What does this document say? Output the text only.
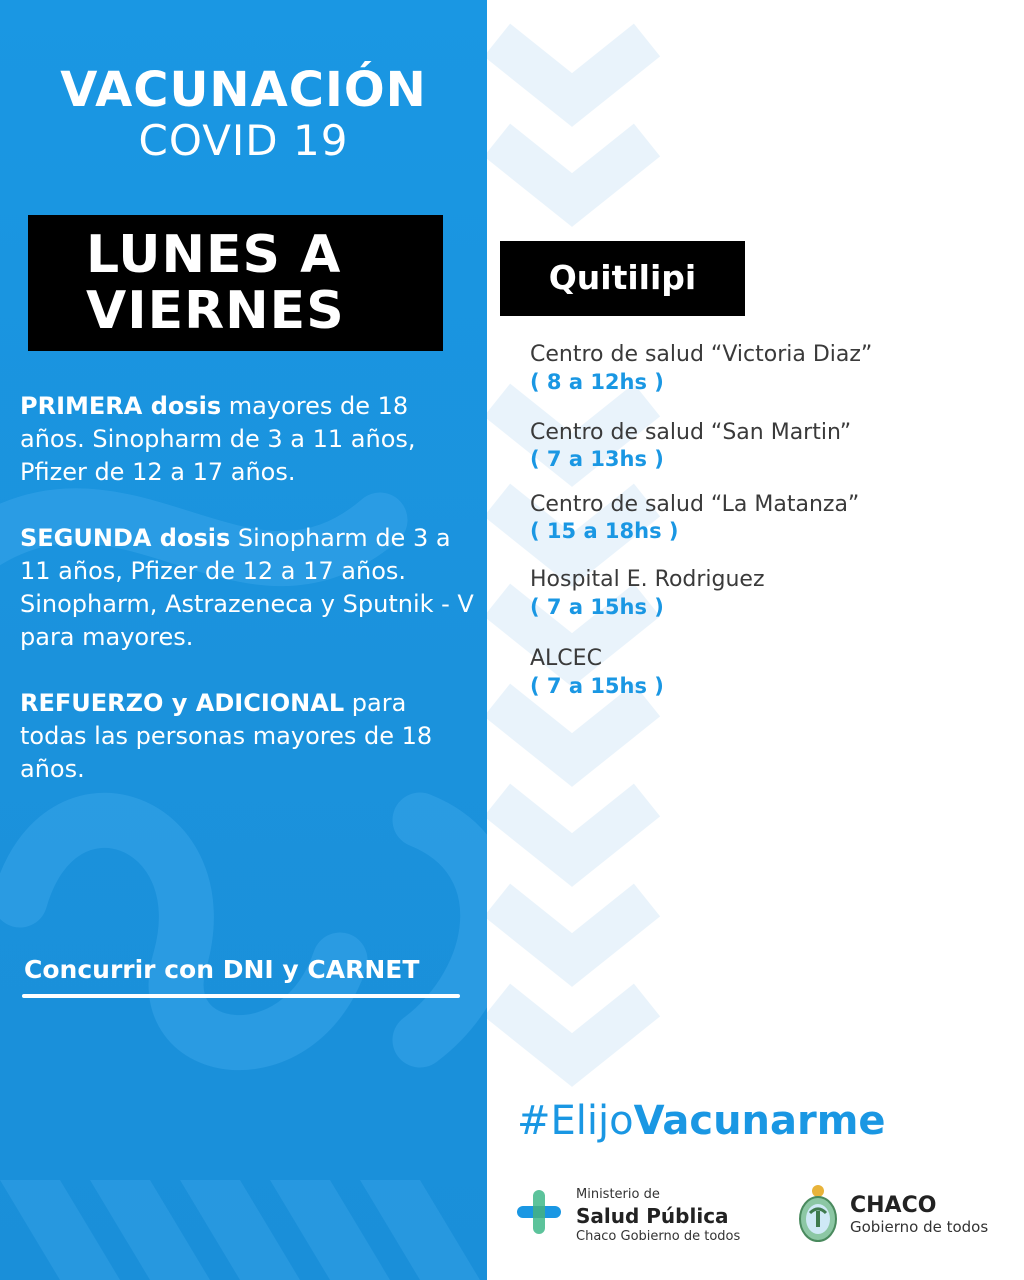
VACUNACIÓN
COVID 19
LUNES A
VIERNES
PRIMERA dosis mayores de 18 años. Sinopharm de 3 a 11 años, Pfizer de 12 a 17 años.
SEGUNDA dosis Sinopharm de 3 a 11 años, Pfizer de 12 a 17 años. Sinopharm, Astrazeneca y Sputnik - V para mayores.
REFUERZO y ADICIONAL para todas las personas mayores de 18 años.
Concurrir con DNI y CARNET
Quitilipi
Centro de salud “Victoria Diaz”
( 8 a 12hs )
Centro de salud “San Martin”
( 7 a 13hs )
Centro de salud “La Matanza”
( 15 a 18hs )
Hospital E. Rodriguez
( 7 a 15hs )
ALCEC
( 7 a 15hs )
#ElijoVacunarme
Ministerio de
Salud Pública
Chaco Gobierno de todos
CHACO
Gobierno de todos
